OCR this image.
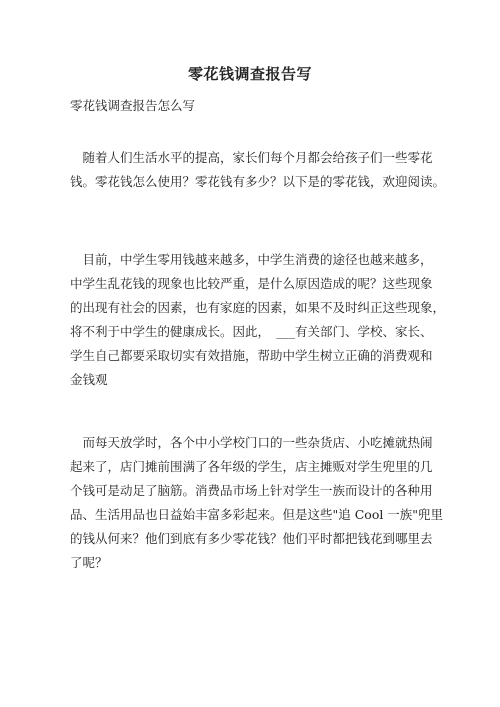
零花钱调查报告写
零花钱调查报告怎么写

　随着人们生活水平的提高，家长们每个月都会给孩子们一些零花
钱。零花钱怎么使用？零花钱有多少？以下是的零花钱，欢迎阅读。

　目前，中学生零用钱越来越多，中学生消费的途径也越来越多，
中学生乱花钱的现象也比较严重，是什么原因造成的呢？这些现象
的出现有社会的因素，也有家庭的因素，如果不及时纠正这些现象，
将不利于中学生的健康成长。因此，　___有关部门、学校、家长、
学生自己都要采取切实有效措施，帮助中学生树立正确的消费观和
金钱观

　而每天放学时，各个中小学校门口的一些杂货店、小吃摊就热闹
起来了，店门摊前围满了各年级的学生，店主摊贩对学生兜里的几
个钱可是动足了脑筋。消费品市场上针对学生一族而设计的各种用
品、生活用品也日益始丰富多彩起来。但是这些"追 Cool 一族"兜里
的钱从何来？他们到底有多少零花钱？他们平时都把钱花到哪里去
了呢？
